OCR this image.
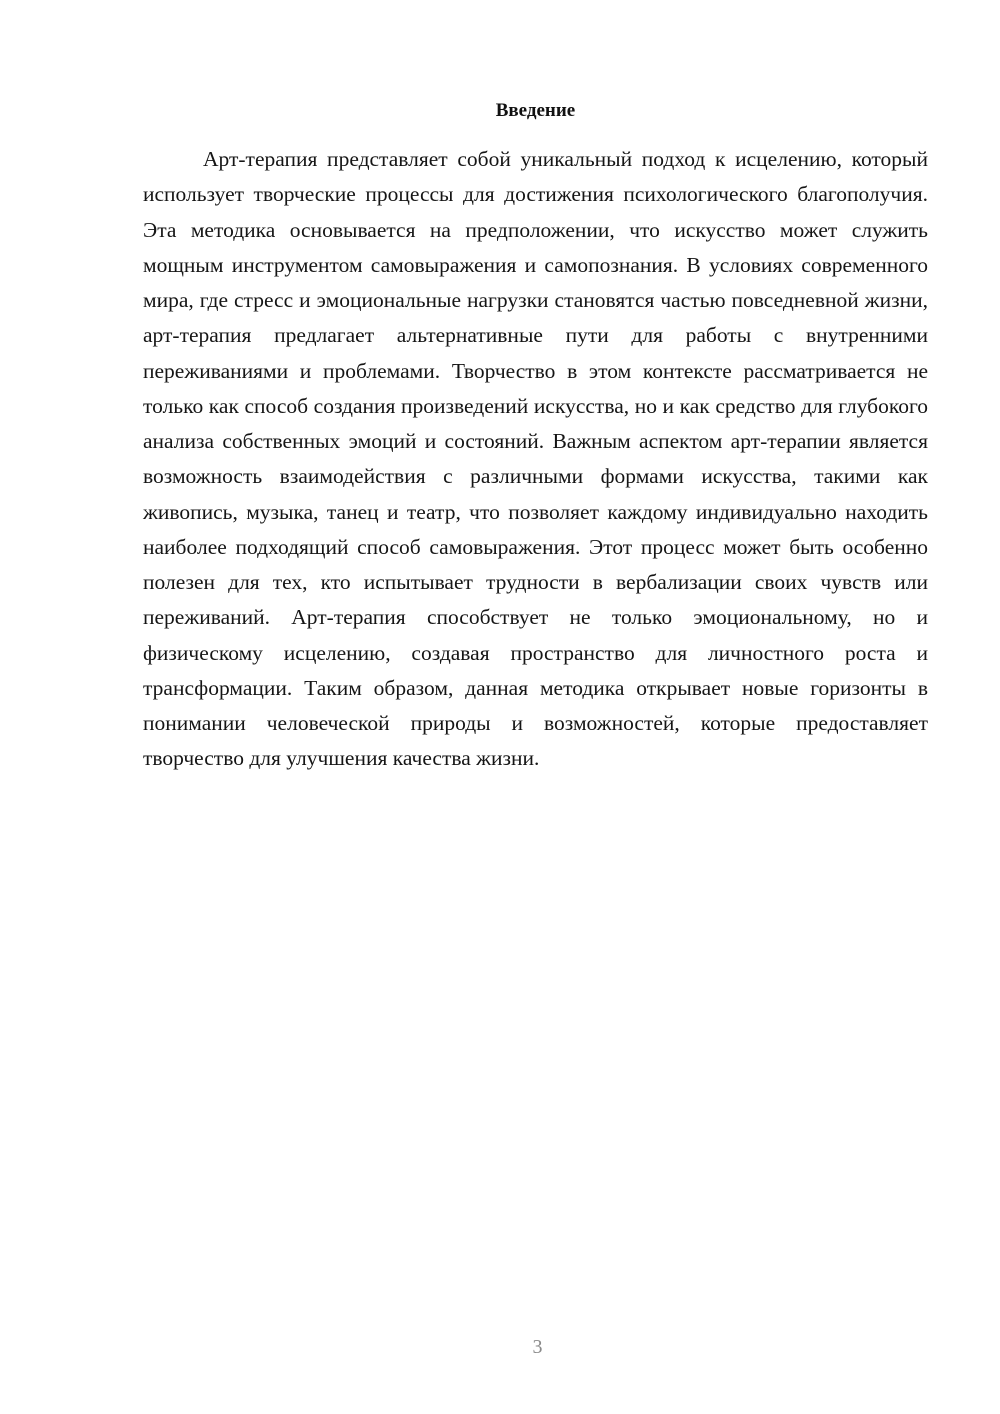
Введение

Арт-терапия представляет собой уникальный подход к исцелению, который использует творческие процессы для достижения психологического благополучия. Эта методика основывается на предположении, что искусство может служить мощным инструментом самовыражения и самопознания. В условиях современного мира, где стресс и эмоциональные нагрузки становятся частью повседневной жизни, арт-терапия предлагает альтернативные пути для работы с внутренними переживаниями и проблемами. Творчество в этом контексте рассматривается не только как способ создания произведений искусства, но и как средство для глубокого анализа собственных эмоций и состояний. Важным аспектом арт-терапии является возможность взаимодействия с различными формами искусства, такими как живопись, музыка, танец и театр, что позволяет каждому индивидуально находить наиболее подходящий способ самовыражения. Этот процесс может быть особенно полезен для тех, кто испытывает трудности в вербализации своих чувств или переживаний. Арт-терапия способствует не только эмоциональному, но и физическому исцелению, создавая пространство для личностного роста и трансформации. Таким образом, данная методика открывает новые горизонты в понимании человеческой природы и возможностей, которые предоставляет творчество для улучшения качества жизни.

3
